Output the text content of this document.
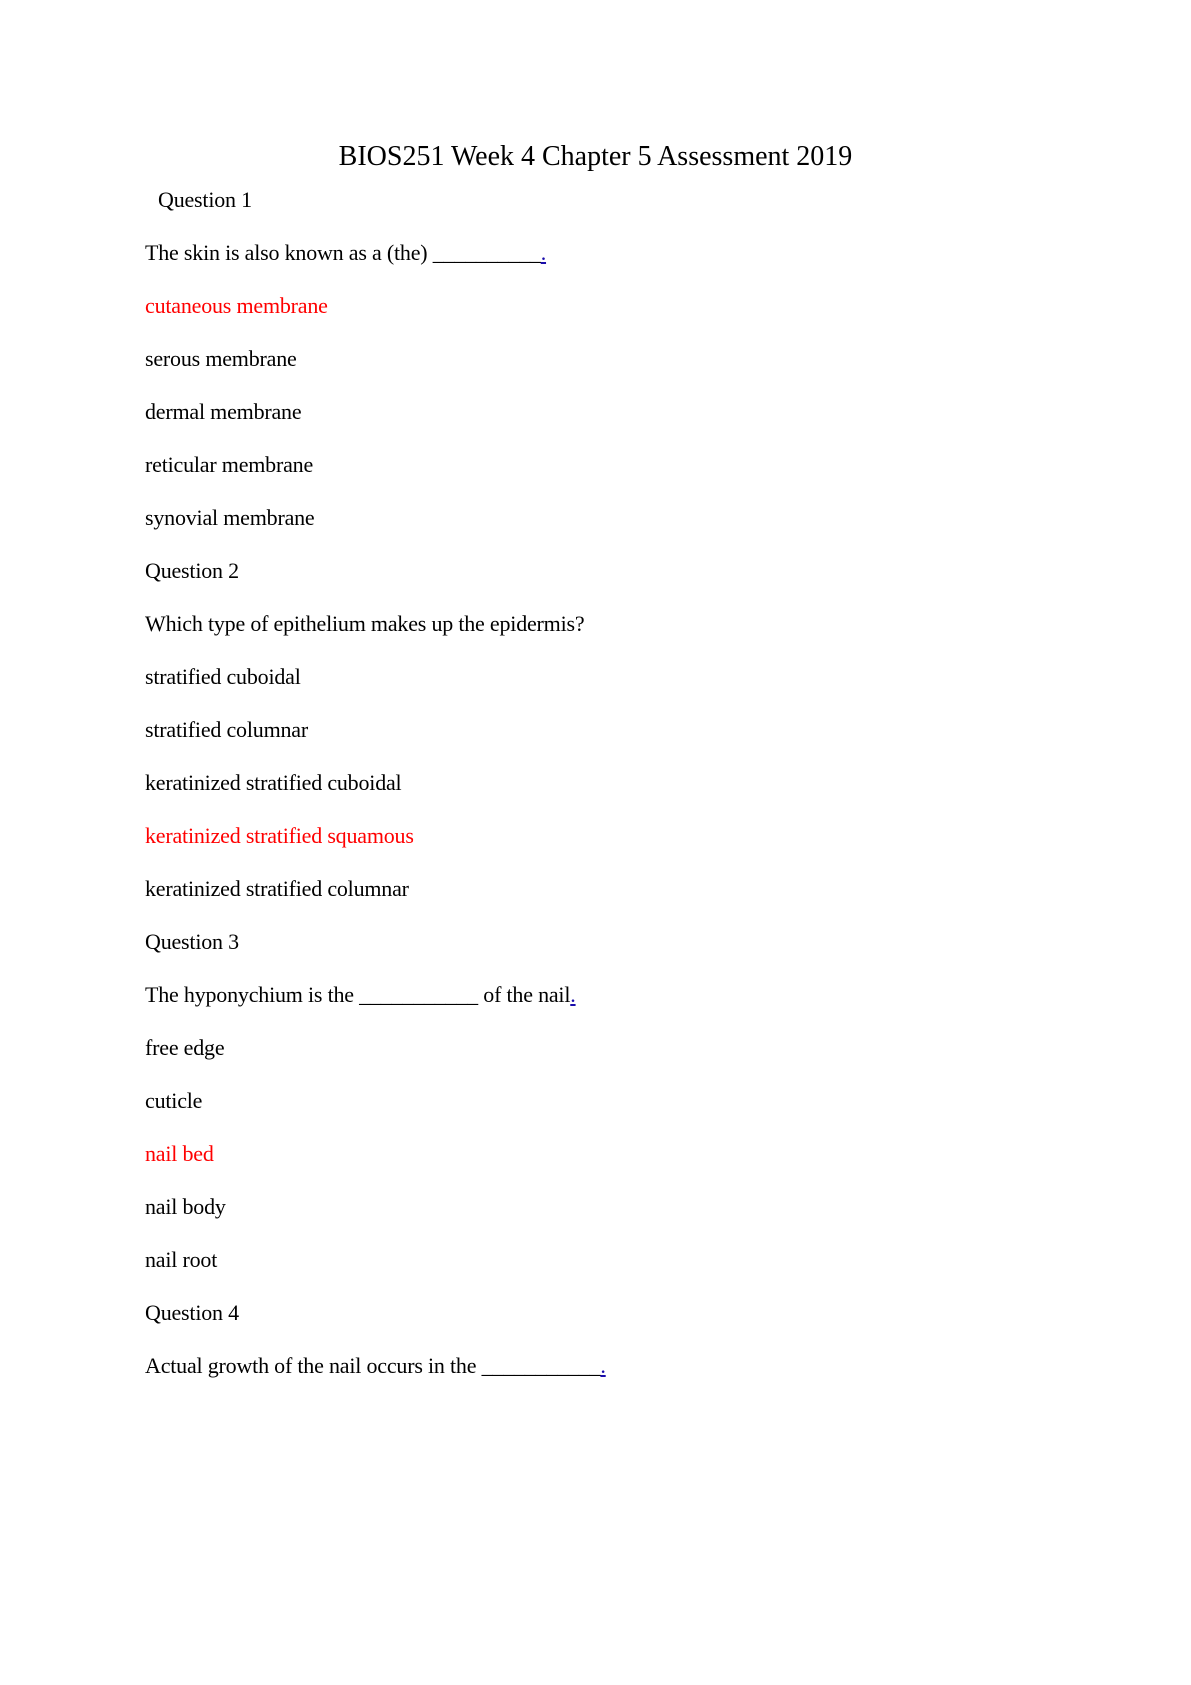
BIOS251 Week 4 Chapter 5 Assessment 2019
Question 1
The skin is also known as a (the) __________.
cutaneous membrane
serous membrane
dermal membrane
reticular membrane
synovial membrane
Question 2
Which type of epithelium makes up the epidermis?
stratified cuboidal
stratified columnar
keratinized stratified cuboidal
keratinized stratified squamous
keratinized stratified columnar
Question 3
The hyponychium is the ___________ of the nail.
free edge
cuticle
nail bed
nail body
nail root
Question 4
Actual growth of the nail occurs in the ___________.
